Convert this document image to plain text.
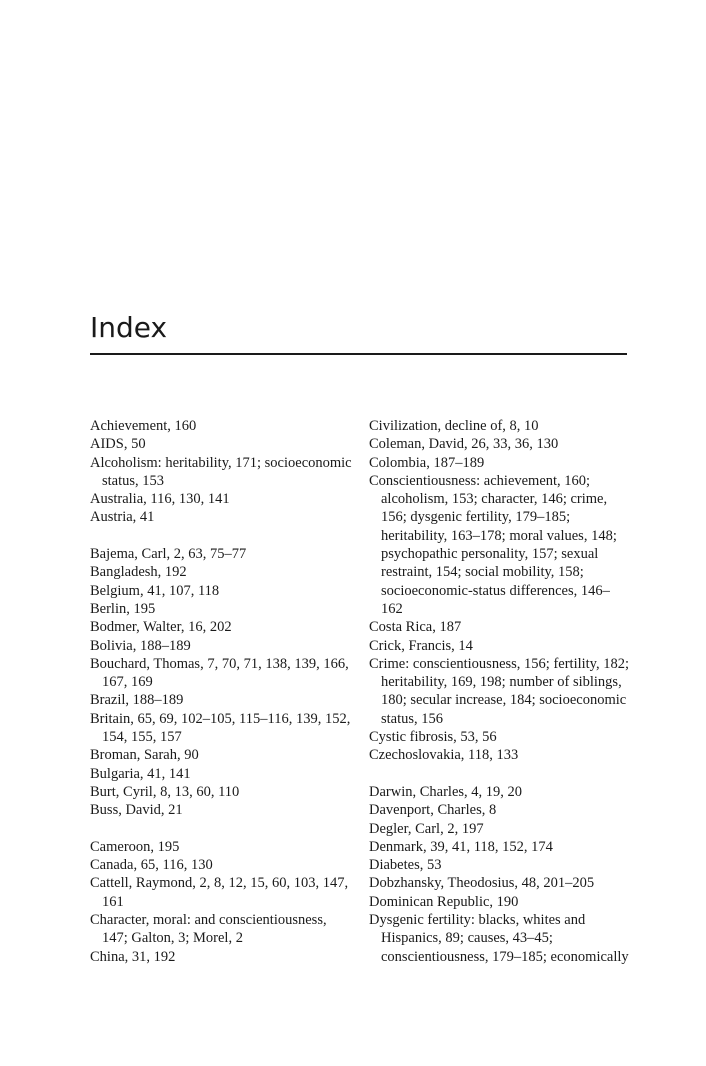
Index

Achievement, 160

AIDS, 50

Alcoholism: heritability, 171; socioeconomic status, 153

Australia, 116, 130, 141

Austria, 41

Bajema, Carl, 2, 63, 75–77

Bangladesh, 192

Belgium, 41, 107, 118

Berlin, 195

Bodmer, Walter, 16, 202

Bolivia, 188–189

Bouchard, Thomas, 7, 70, 71, 138, 139, 166, 167, 169

Brazil, 188–189

Britain, 65, 69, 102–105, 115–116, 139, 152, 154, 155, 157

Broman, Sarah, 90

Bulgaria, 41, 141

Burt, Cyril, 8, 13, 60, 110

Buss, David, 21

Cameroon, 195

Canada, 65, 116, 130

Cattell, Raymond, 2, 8, 12, 15, 60, 103, 147, 161

Character, moral: and conscientiousness, 147; Galton, 3; Morel, 2

China, 31, 192

Civilization, decline of, 8, 10

Coleman, David, 26, 33, 36, 130

Colombia, 187–189

Conscientiousness: achievement, 160; alcoholism, 153; character, 146; crime, 156; dysgenic fertility, 179–185; heritability, 163–178; moral values, 148; psychopathic personality, 157; sexual restraint, 154; social mobility, 158; socioeconomic-status differences, 146–162

Costa Rica, 187

Crick, Francis, 14

Crime: conscientiousness, 156; fertility, 182; heritability, 169, 198; number of siblings, 180; secular increase, 184; socioeconomic status, 156

Cystic fibrosis, 53, 56

Czechoslovakia, 118, 133

Darwin, Charles, 4, 19, 20

Davenport, Charles, 8

Degler, Carl, 2, 197

Denmark, 39, 41, 118, 152, 174

Diabetes, 53

Dobzhansky, Theodosius, 48, 201–205

Dominican Republic, 190

Dysgenic fertility: blacks, whites and Hispanics, 89; causes, 43–45; conscientiousness, 179–185; economically
